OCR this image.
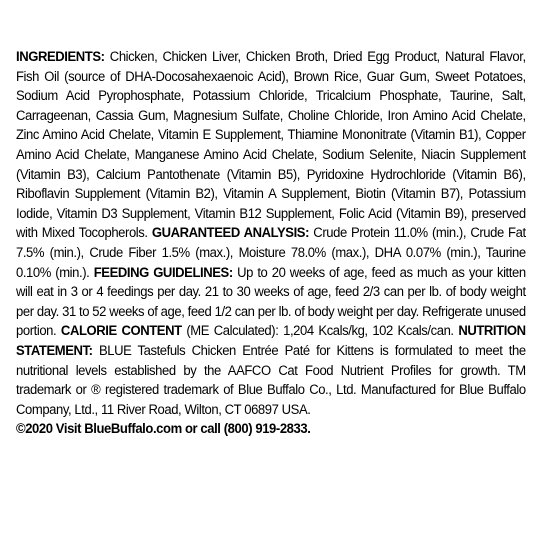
INGREDIENTS: Chicken, Chicken Liver, Chicken Broth, Dried Egg Product, Natural Flavor, Fish Oil (source of DHA-Docosahexaenoic Acid), Brown Rice, Guar Gum, Sweet Potatoes, Sodium Acid Pyrophosphate, Potassium Chloride, Tricalcium Phosphate, Taurine, Salt, Carrageenan, Cassia Gum, Magnesium Sulfate, Choline Chloride, Iron Amino Acid Chelate, Zinc Amino Acid Chelate, Vitamin E Supplement, Thiamine Mononitrate (Vitamin B1), Copper Amino Acid Chelate, Manganese Amino Acid Chelate, Sodium Selenite, Niacin Supplement (Vitamin B3), Calcium Pantothenate (Vitamin B5), Pyridoxine Hydrochloride (Vitamin B6), Riboflavin Supplement (Vitamin B2), Vitamin A Supplement, Biotin (Vitamin B7), Potassium Iodide, Vitamin D3 Supplement, Vitamin B12 Supplement, Folic Acid (Vitamin B9), preserved with Mixed Tocopherols. GUARANTEED ANALYSIS: Crude Protein 11.0% (min.), Crude Fat 7.5% (min.), Crude Fiber 1.5% (max.), Moisture 78.0% (max.), DHA 0.07% (min.), Taurine 0.10% (min.). FEEDING GUIDELINES: Up to 20 weeks of age, feed as much as your kitten will eat in 3 or 4 feedings per day. 21 to 30 weeks of age, feed 2/3 can per lb. of body weight per day. 31 to 52 weeks of age, feed 1/2 can per lb. of body weight per day. Refrigerate unused portion. CALORIE CONTENT (ME Calculated): 1,204 Kcals/kg, 102 Kcals/can. NUTRITION STATEMENT: BLUE Tastefuls Chicken Entrée Paté for Kittens is formulated to meet the nutritional levels established by the AAFCO Cat Food Nutrient Profiles for growth. TM trademark or ® registered trademark of Blue Buffalo Co., Ltd. Manufactured for Blue Buffalo Company, Ltd., 11 River Road, Wilton, CT 06897 USA.

©2020 Visit BlueBuffalo.com or call (800) 919-2833.
